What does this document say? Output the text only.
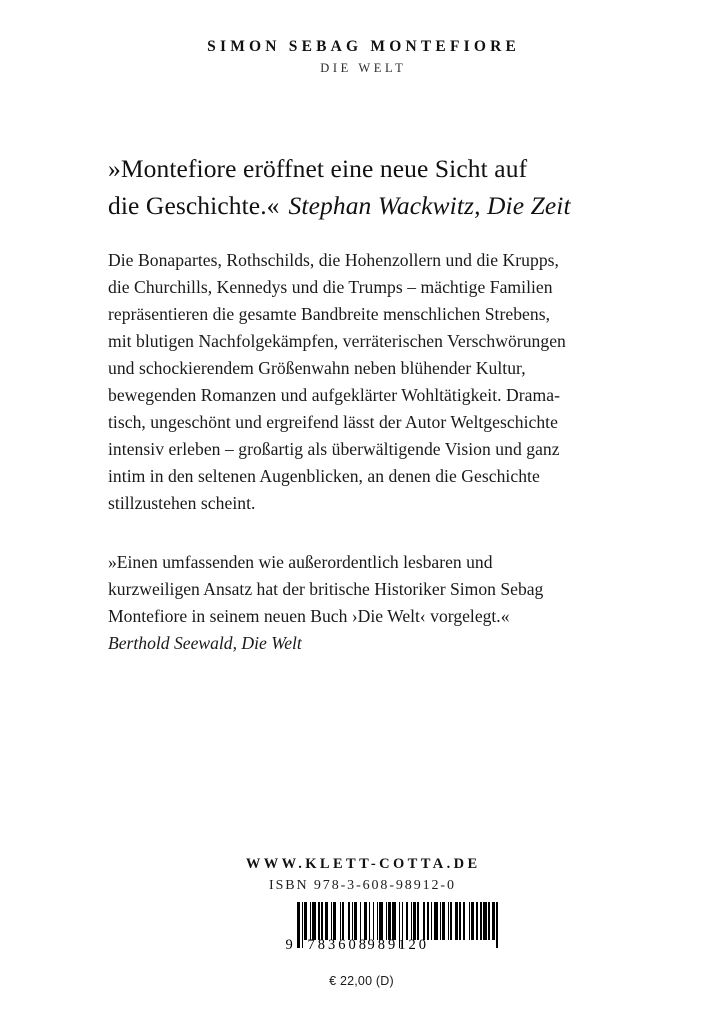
SIMON SEBAG MONTEFIORE
DIE WELT
»Montefiore eröffnet eine neue Sicht auf
die Geschichte.« Stephan Wackwitz, Die Zeit
Die Bonapartes, Rothschilds, die Hohenzollern und die Krupps,
die Churchills, Kennedys und die Trumps – mächtige Familien
repräsentieren die gesamte Bandbreite menschlichen Strebens,
mit blutigen Nachfolgekämpfen, verräterischen Verschwörungen
und schockierendem Größenwahn neben blühender Kultur,
bewegenden Romanzen und aufgeklärter Wohltätigkeit. Drama-
tisch, ungeschönt und ergreifend lässt der Autor Weltgeschichte
intensiv erleben – großartig als überwältigende Vision und ganz
intim in den seltenen Augenblicken, an denen die Geschichte
stillzustehen scheint.
»Einen umfassenden wie außerordentlich lesbaren und
kurzweiligen Ansatz hat der britische Historiker Simon Sebag
Montefiore in seinem neuen Buch ›Die Welt‹ vorgelegt.«
Berthold Seewald, Die Welt
WWW.KLETT-COTTA.DE
ISBN 978-3-608-98912-0
9 783608
989120
€ 22,00 (D)
